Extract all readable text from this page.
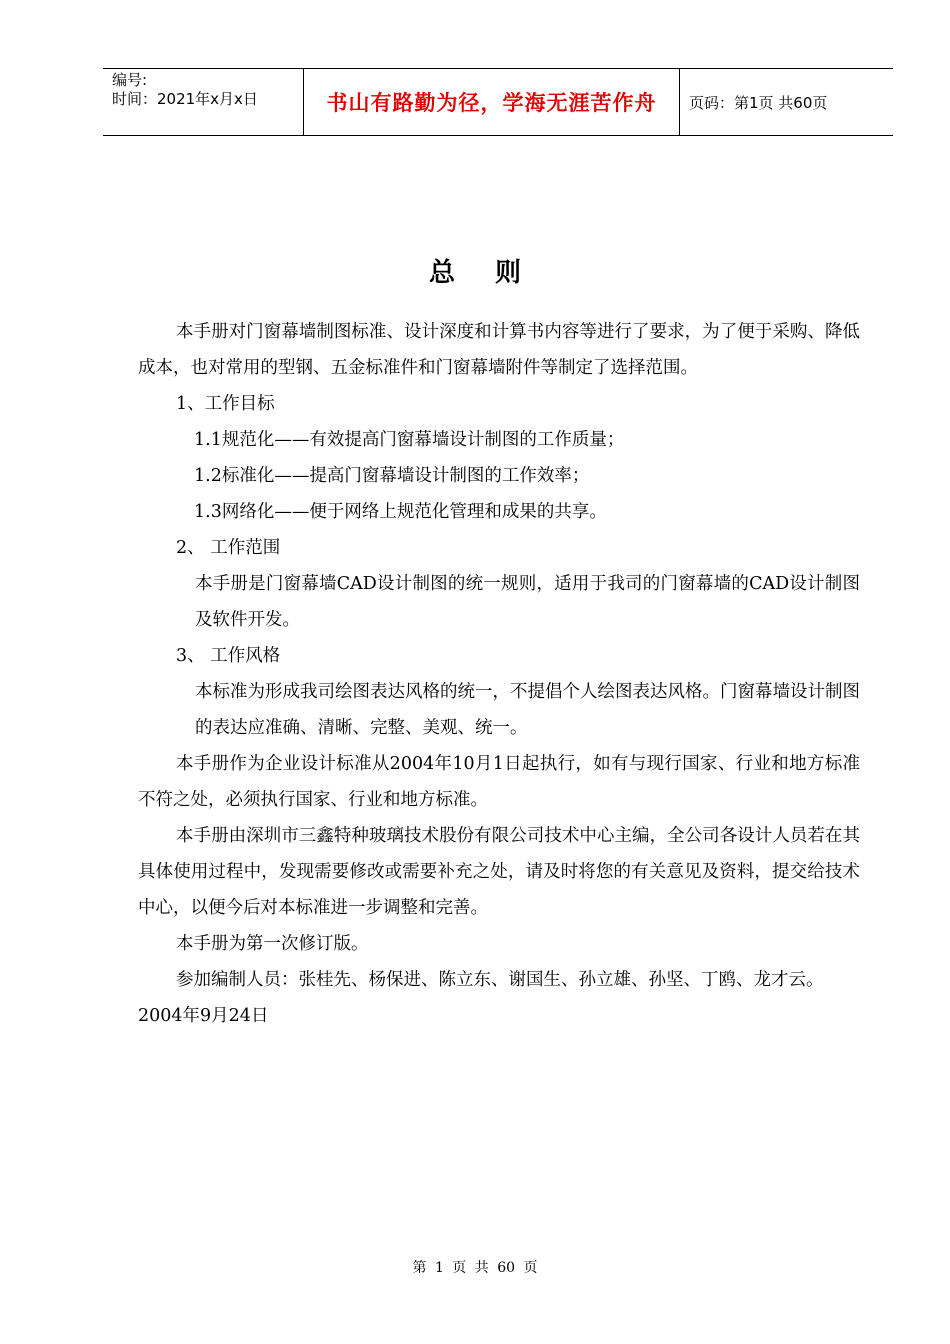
编号:
时间：2021年x月x日	书山有路勤为径，学海无涯苦作舟	页码：第1页 共60页
总则

本手册对门窗幕墙制图标准、设计深度和计算书内容等进行了要求，为了便于采购、降低成本，也对常用的型钢、五金标准件和门窗幕墙附件等制定了选择范围。

1、工作目标

1.1规范化——有效提高门窗幕墙设计制图的工作质量；

1.2标准化——提高门窗幕墙设计制图的工作效率；

1.3网络化——便于网络上规范化管理和成果的共享。

2、 工作范围

本手册是门窗幕墙CAD设计制图的统一规则，适用于我司的门窗幕墙的CAD设计制图及软件开发。

3、 工作风格

本标准为形成我司绘图表达风格的统一，不提倡个人绘图表达风格。门窗幕墙设计制图的表达应准确、清晰、完整、美观、统一。

本手册作为企业设计标准从2004年10月1日起执行，如有与现行国家、行业和地方标准不符之处，必须执行国家、行业和地方标准。

本手册由深圳市三鑫特种玻璃技术股份有限公司技术中心主编，全公司各设计人员若在其具体使用过程中，发现需要修改或需要补充之处，请及时将您的有关意见及资料，提交给技术中心，以便今后对本标准进一步调整和完善。

本手册为第一次修订版。

参加编制人员：张桂先、杨保进、陈立东、谢国生、孙立雄、孙坚、丁鸥、龙才云。

2004年9月24日

第 1 页 共 60 页
